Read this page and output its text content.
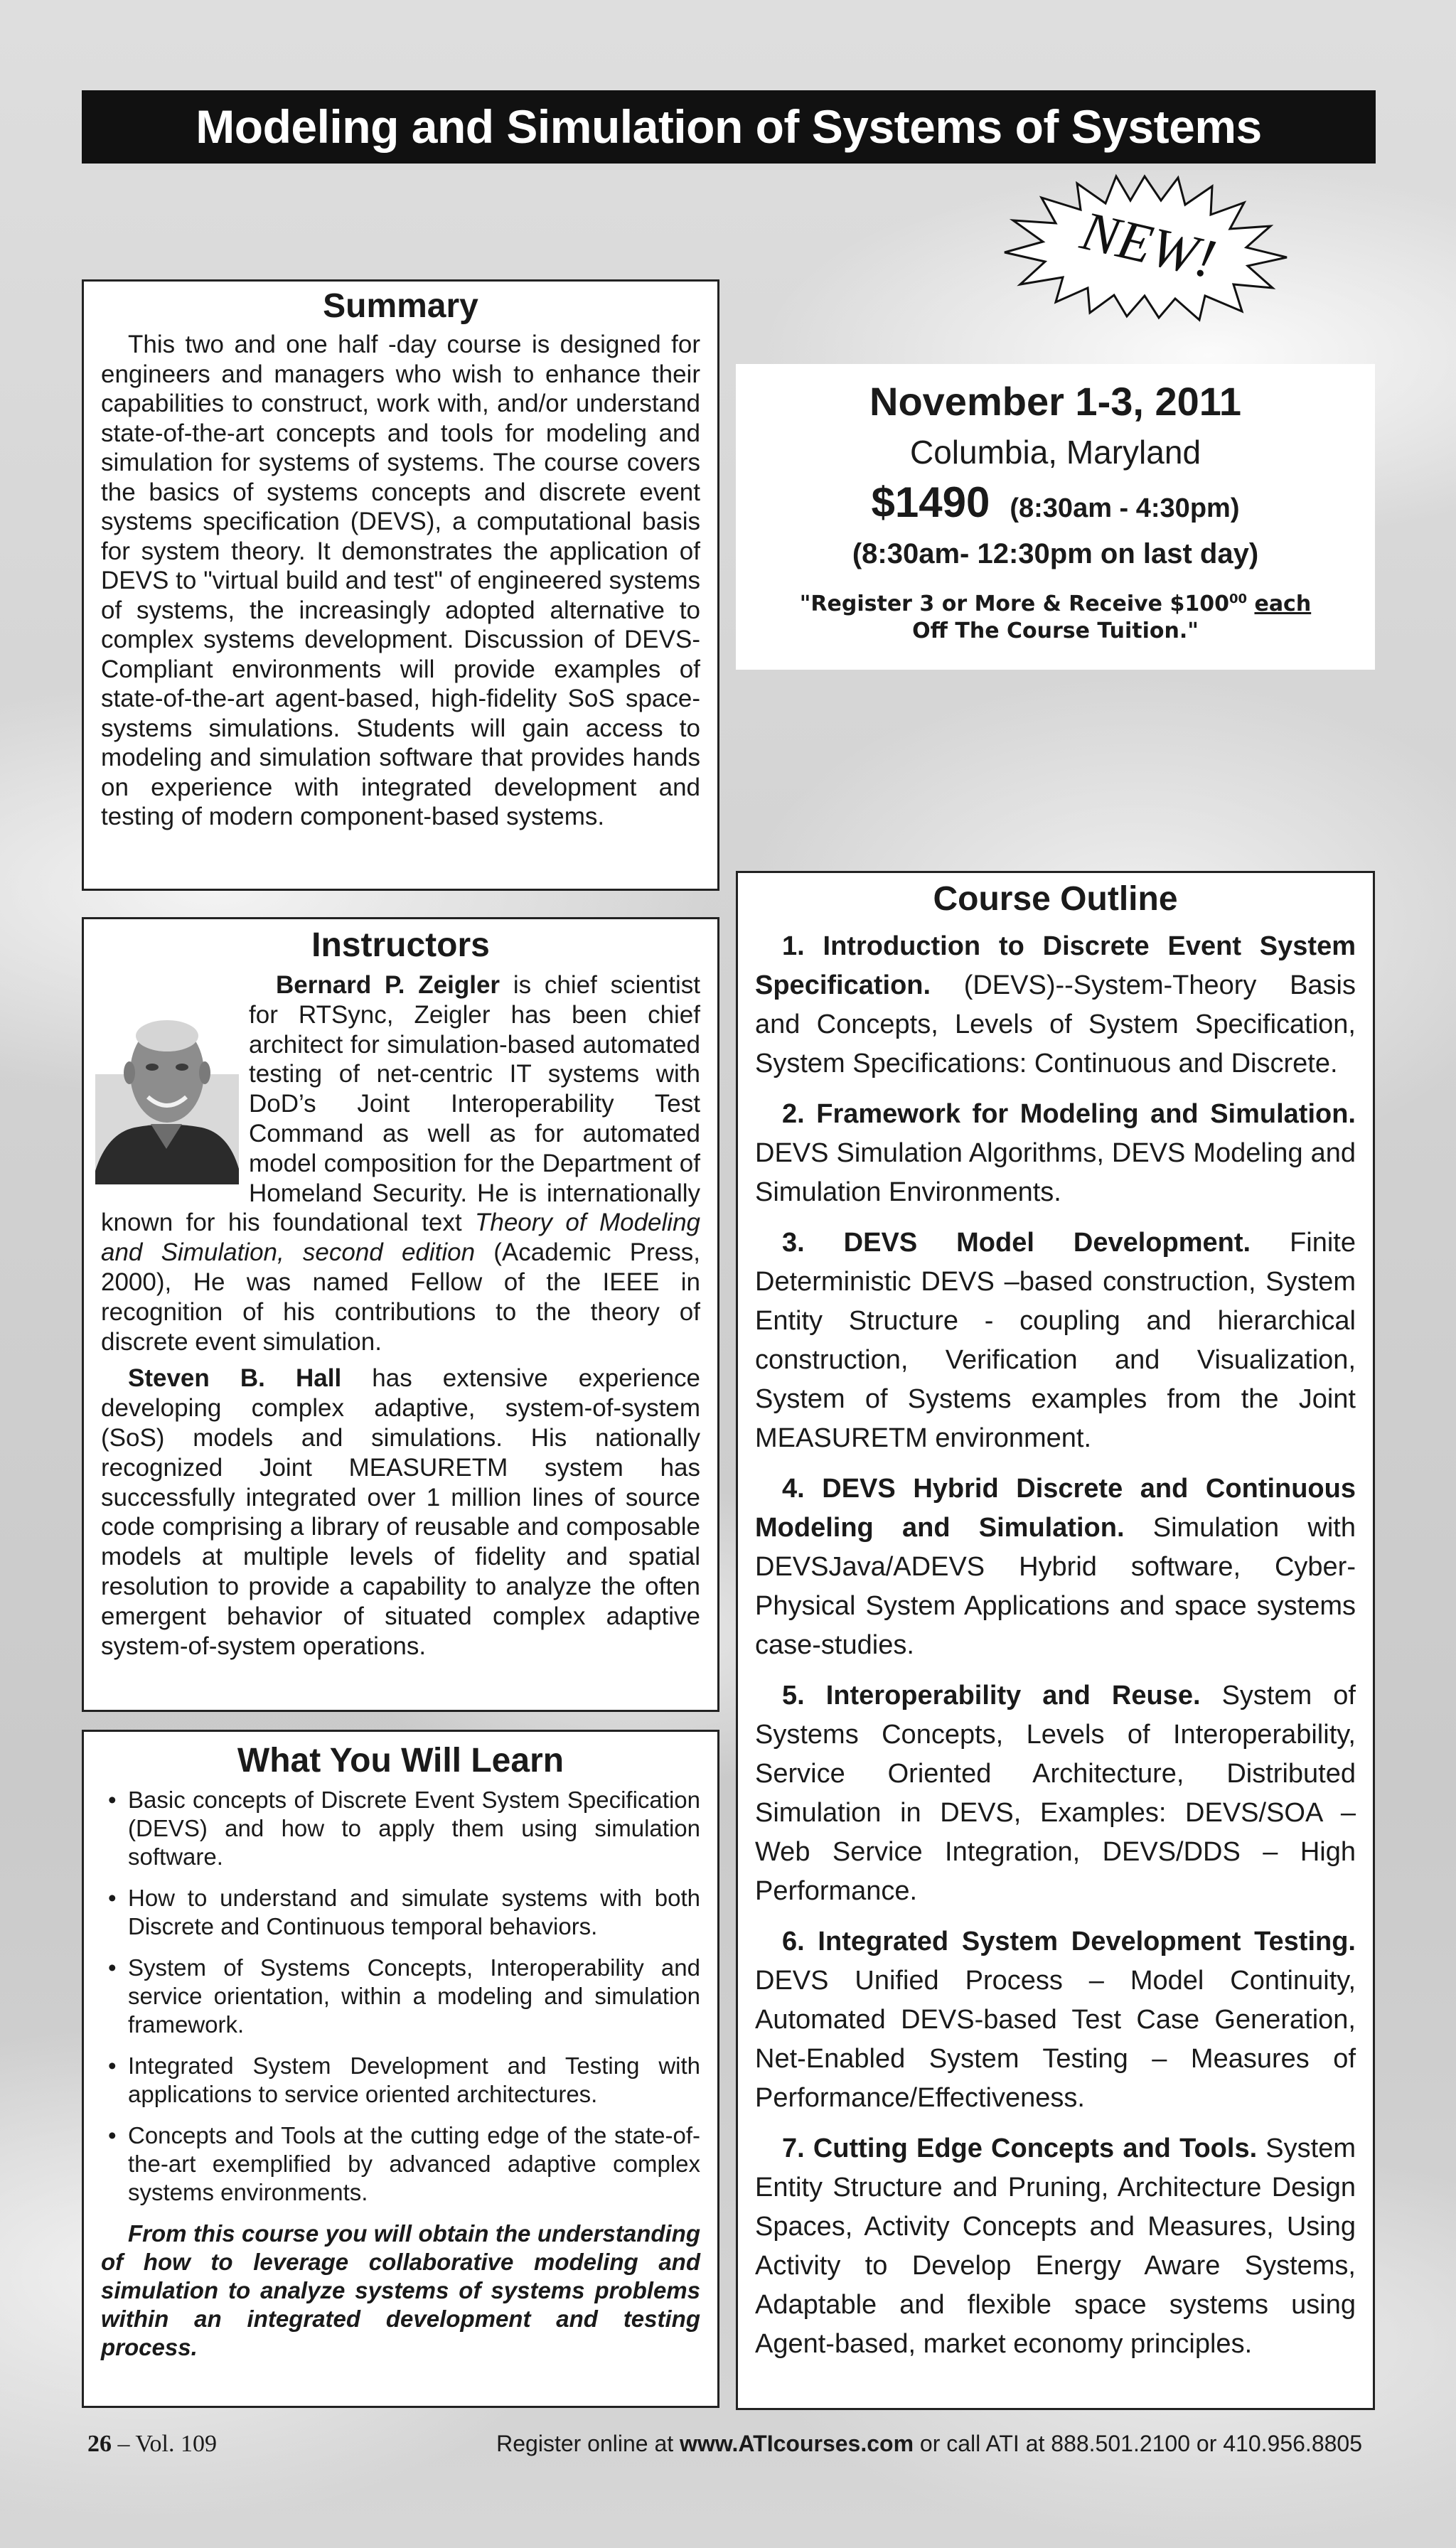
Modeling and Simulation of Systems of Systems
NEW!
Summary

This two and one half -day course is designed for engineers and managers who wish to enhance their capabilities to construct, work with, and/or understand state-of-the-art concepts and tools for modeling and simulation for systems of systems. The course covers the basics of systems concepts and discrete event systems specification (DEVS), a computational basis for system theory. It demonstrates the application of DEVS to "virtual build and test" of engineered systems of systems, the increasingly adopted alternative to complex systems development. Discussion of DEVS-Compliant environments will provide examples of state-of-the-art agent-based, high-fidelity SoS space-systems simulations. Students will gain access to modeling and simulation software that provides hands on experience with integrated development and testing of modern component-based systems.

November 1-3, 2011
Columbia, Maryland
$1490 (8:30am - 4:30pm)
(8:30am- 12:30pm on last day)
"Register 3 or More & Receive $\$100^{00}$ each
Off The Course Tuition."
Instructors
Bernard P. Zeigler is chief scientist for RTSync, Zeigler has been chief architect for simulation-based automated testing of net-centric IT systems with DoD’s Joint Interoperability Test Command as well as for automated model composition for the Department of Homeland Security. He is internationally known for his foundational text Theory of Modeling and Simulation, second edition (Academic Press, 2000), He was named Fellow of the IEEE in recognition of his contributions to the theory of discrete event simulation.
Steven B. Hall has extensive experience developing complex adaptive, system-of-system (SoS) models and simulations. His nationally recognized Joint MEASURETM system has successfully integrated over 1 million lines of source code comprising a library of reusable and composable models at multiple levels of fidelity and spatial resolution to provide a capability to analyze the often emergent behavior of situated complex adaptive system-of-system operations.
What You Will Learn
• Basic concepts of Discrete Event System Specification (DEVS) and how to apply them using simulation software.
• How to understand and simulate systems with both Discrete and Continuous temporal behaviors.
• System of Systems Concepts, Interoperability and service orientation, within a modeling and simulation framework.
• Integrated System Development and Testing with applications to service oriented architectures.
• Concepts and Tools at the cutting edge of the state-of-the-art exemplified by advanced adaptive complex systems environments.

From this course you will obtain the understanding of how to leverage collaborative modeling and simulation to analyze systems of systems problems within an integrated development and testing process.

Course Outline

1. Introduction to Discrete Event System Specification. (DEVS)--System-Theory Basis and Concepts, Levels of System Specification, System Specifications: Continuous and Discrete.

2. Framework for Modeling and Simulation. DEVS Simulation Algorithms, DEVS Modeling and Simulation Environments.

3. DEVS Model Development. Finite Deterministic DEVS –based construction, System Entity Structure - coupling and hierarchical construction, Verification and Visualization, System of Systems examples from the Joint MEASURETM environment.

4. DEVS Hybrid Discrete and Continuous Modeling and Simulation. Simulation with DEVSJava/ADEVS Hybrid software, Cyber-Physical System Applications and space systems case-studies.

5. Interoperability and Reuse. System of Systems Concepts, Levels of Interoperability, Service Oriented Architecture, Distributed Simulation in DEVS, Examples: DEVS/SOA – Web Service Integration, DEVS/DDS – High Performance.

6. Integrated System Development Testing. DEVS Unified Process – Model Continuity, Automated DEVS-based Test Case Generation, Net-Enabled System Testing – Measures of Performance/Effectiveness.

7. Cutting Edge Concepts and Tools. System Entity Structure and Pruning, Architecture Design Spaces, Activity Concepts and Measures, Using Activity to Develop Energy Aware Systems, Adaptable and flexible space systems using Agent-based, market economy principles.

26 – Vol. 109	Register online at www.ATIcourses.com or call ATI at 888.501.2100 or 410.956.8805
